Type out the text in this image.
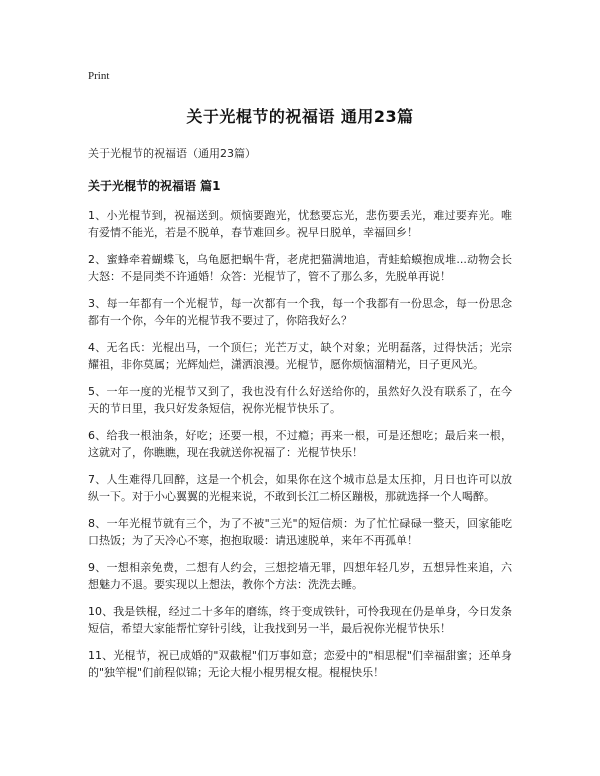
Print
关于光棍节的祝福语 通用23篇
关于光棍节的祝福语（通用23篇）
关于光棍节的祝福语 篇1

1、小光棍节到，祝福送到。烦恼要跑光，忧愁要忘光，悲伤要丢光，难过要弃光。唯有爱情不能光，若是不脱单，春节难回乡。祝早日脱单，幸福回乡！

2、蜜蜂牵着蝴蝶飞，乌龟愿把蜗牛背，老虎把猫满地追，青蛙蛤蟆抱成堆...动物会长大怒：不是同类不许通婚！众答：光棍节了，管不了那么多，先脱单再说！

3、每一年都有一个光棍节，每一次都有一个我，每一个我都有一份思念，每一份思念都有一个你，今年的光棍节我不要过了，你陪我好么？

4、无名氏：光棍出马，一个顶仨；光芒万丈，缺个对象；光明磊落，过得快活；光宗耀祖，非你莫属；光辉灿烂，潇洒浪漫。光棍节，愿你烦恼溜精光，日子更风光。

5、一年一度的光棍节又到了，我也没有什么好送给你的，虽然好久没有联系了，在今天的节日里，我只好发条短信，祝你光棍节快乐了。

6、给我一根油条，好吃；还要一根，不过瘾；再来一根，可是还想吃；最后来一根，这就对了，你瞧瞧，现在我就送你祝福了：光棍节快乐！

7、人生难得几回醉，这是一个机会，如果你在这个城市总是太压抑，月日也许可以放纵一下。对于小心翼翼的光棍来说，不敢到长江二桥区蹦极，那就选择一个人喝醉。

8、一年光棍节就有三个，为了不被"三光"的短信烦：为了忙忙碌碌一整天，回家能吃口热饭；为了天冷心不寒，抱抱取暖：请迅速脱单，来年不再孤单！

9、一想相亲免费，二想有人约会，三想挖墙无罪，四想年轻几岁，五想异性来追，六想魅力不退。要实现以上想法，教你个方法：洗洗去睡。

10、我是铁棍，经过二十多年的磨练，终于变成铁针，可怜我现在仍是单身，今日发条短信，希望大家能帮忙穿针引线，让我找到另一半，最后祝你光棍节快乐！

11、光棍节，祝已成婚的"双截棍"们万事如意；恋爱中的"相思棍"们幸福甜蜜；还单身的"独竿棍"们前程似锦；无论大棍小棍男棍女棍。棍棍快乐！
